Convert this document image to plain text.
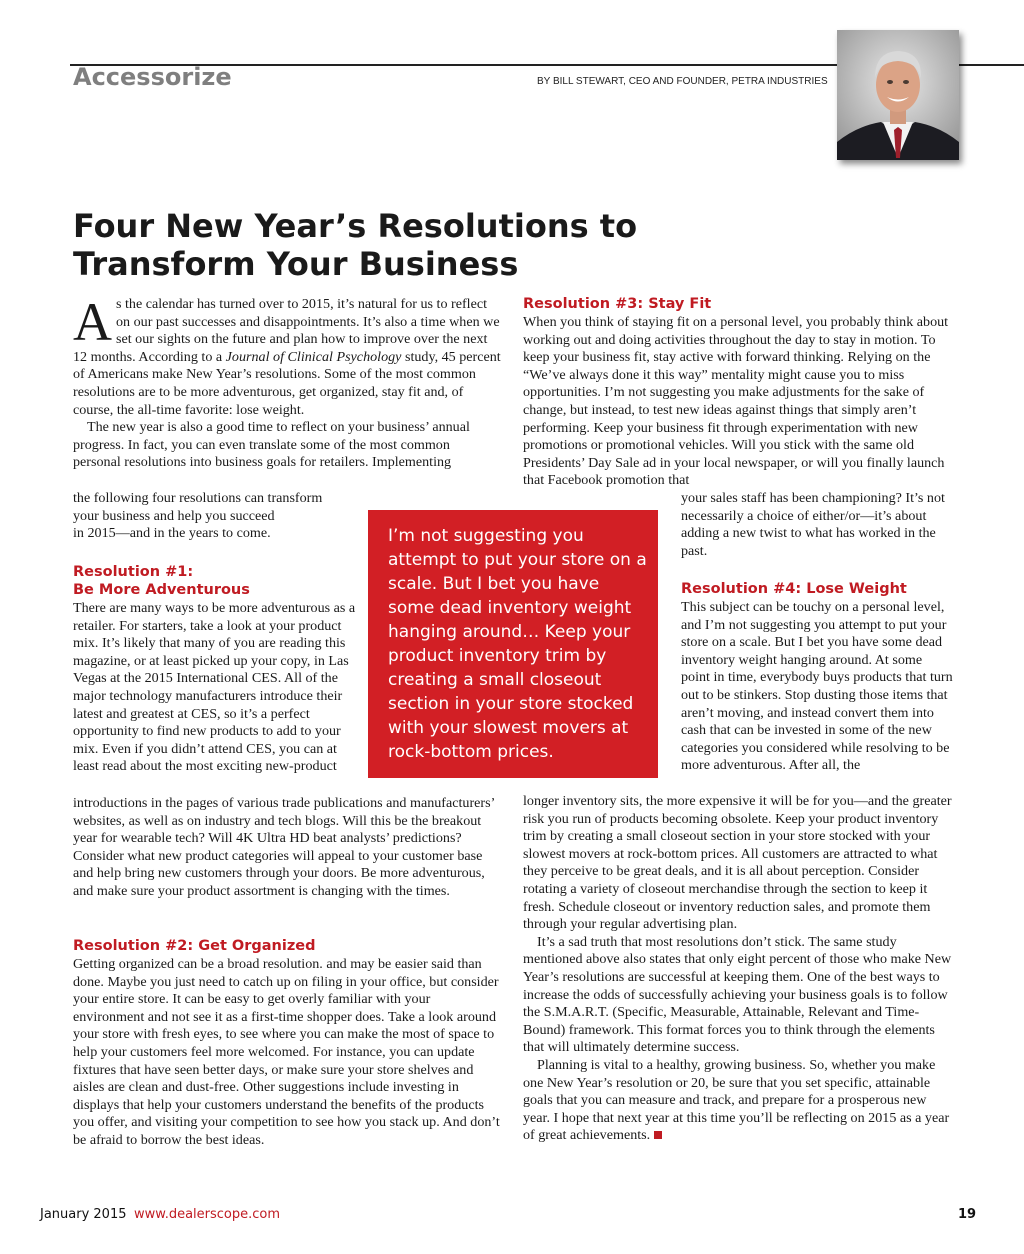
Accessorize	BY BILL STEWART, CEO AND FOUNDER, PETRA INDUSTRIES
Four New Year’s Resolutions to Transform Your Business

As the calendar has turned over to 2015, it’s natural for us to reflect on our past successes and disappointments. It’s also a time when we set our sights on the future and plan how to improve over the next 12 months. According to a Journal of Clinical Psychology study, 45 percent of Americans make New Year’s resolutions. Some of the most common resolutions are to be more adventurous, get organized, stay fit and, of course, the all-time favorite: lose weight.

The new year is also a good time to reflect on your business’ annual progress. In fact, you can even translate some of the most common personal resolutions into business goals for retailers. Implementing

the following four resolutions can transform

your business and help you succeed

in 2015—and in the years to come.

Resolution #1:

Be More Adventurous

There are many ways to be more adventurous as a retailer. For starters, take a look at your product mix. It’s likely that many of you are reading this magazine, or at least picked up your copy, in Las Vegas at the 2015 International CES. All of the major technology manufacturers introduce their latest and greatest at CES, so it’s a perfect opportunity to find new products to add to your mix. Even if you didn’t attend CES, you can at least read about the most exciting new-product

introductions in the pages of various trade publications and manufacturers’ websites, as well as on industry and tech blogs. Will this be the breakout year for wearable tech? Will 4K Ultra HD beat analysts’ predictions? Consider what new product categories will appeal to your customer base and help bring new customers through your doors. Be more adventurous, and make sure your product assortment is changing with the times.

Resolution #2: Get Organized

Getting organized can be a broad resolution. and may be easier said than done. Maybe you just need to catch up on filing in your office, but consider your entire store. It can be easy to get overly familiar with your environment and not see it as a first-time shopper does. Take a look around your store with fresh eyes, to see where you can make the most of space to help your customers feel more welcomed. For instance, you can update fixtures that have seen better days, or make sure your store shelves and aisles are clean and dust-free. Other suggestions include investing in displays that help your customers understand the benefits of the products you offer, and visiting your competition to see how you stack up. And don’t be afraid to borrow the best ideas.

Resolution #3: Stay Fit

When you think of staying fit on a personal level, you probably think about working out and doing activities throughout the day to stay in motion. To keep your business fit, stay active with forward thinking. Relying on the “We’ve always done it this way” mentality might cause you to miss opportunities. I’m not suggesting you make adjustments for the sake of change, but instead, to test new ideas against things that simply aren’t performing. Keep your business fit through experimentation with new promotions or promotional vehicles. Will you stick with the same old Presidents’ Day Sale ad in your local newspaper, or will you finally launch that Facebook promotion that

your sales staff has been championing? It’s not necessarily a choice of either/or—it’s about adding a new twist to what has worked in the past.

Resolution #4: Lose Weight

This subject can be touchy on a personal level, and I’m not suggesting you attempt to put your store on a scale. But I bet you have some dead inventory weight hanging around. At some point in time, everybody buys products that turn out to be stinkers. Stop dusting those items that aren’t moving, and instead convert them into cash that can be invested in some of the new categories you considered while resolving to be more adventurous. After all, the

longer inventory sits, the more expensive it will be for you—and the greater risk you run of products becoming obsolete. Keep your product inventory trim by creating a small closeout section in your store stocked with your slowest movers at rock-bottom prices. All customers are attracted to what they perceive to be great deals, and it is all about perception. Consider rotating a variety of closeout merchandise through the section to keep it fresh. Schedule closeout or inventory reduction sales, and promote them through your regular advertising plan.

It’s a sad truth that most resolutions don’t stick. The same study mentioned above also states that only eight percent of those who make New Year’s resolutions are successful at keeping them. One of the best ways to increase the odds of successfully achieving your business goals is to follow the S.M.A.R.T. (Specific, Measurable, Attainable, Relevant and Time-Bound) framework. This format forces you to think through the elements that will ultimately determine success.

Planning is vital to a healthy, growing business. So, whether you make one New Year’s resolution or 20, be sure that you set specific, attainable goals that you can measure and track, and prepare for a prosperous new year. I hope that next year at this time you’ll be reflecting on 2015 as a year of great achievements.

I’m not suggesting you attempt to put your store on a scale. But I bet you have some dead inventory weight hanging around… Keep your product inventory trim by creating a small closeout section in your store stocked with your slowest movers at rock-bottom prices.
January 2015 www.dealerscope.com	19
